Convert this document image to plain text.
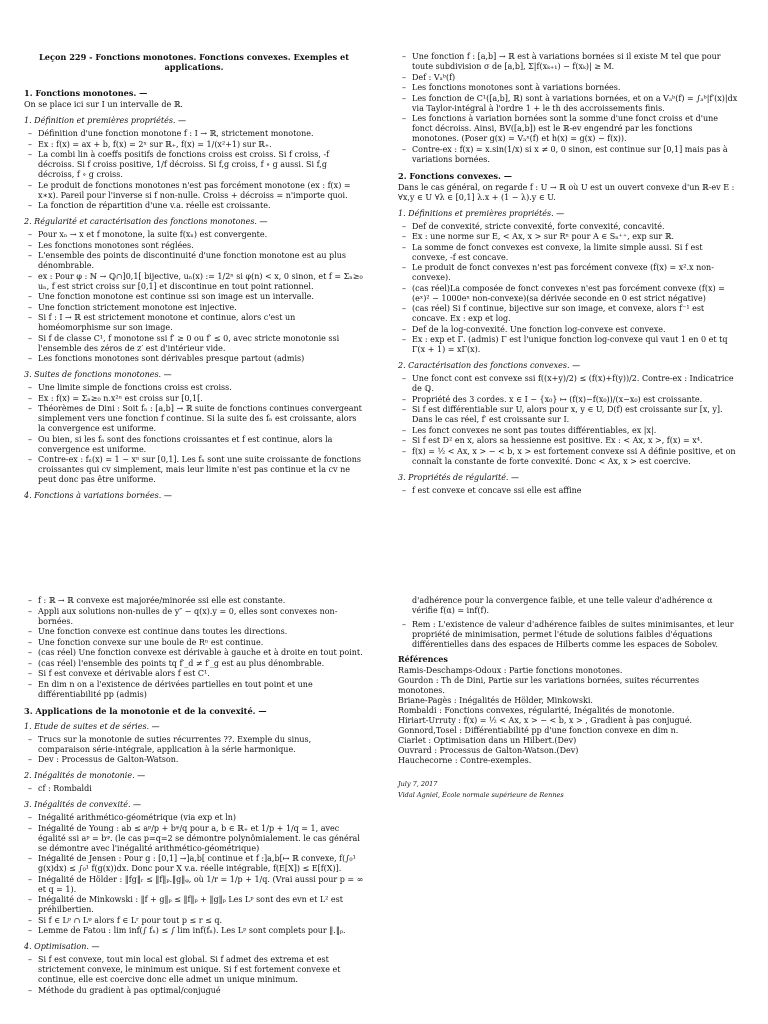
Leçon 229 - Fonctions monotones. Fonctions convexes. Exemples et applications.
1. Fonctions monotones. —

On se place ici sur I un intervalle de ℝ.

1. Définition et premières propriétés. —
– Définition d'une fonction monotone f : I → ℝ, strictement monotone.
– Ex : f(x) = ax + b, f(x) = 2ˣ sur ℝ₊, f(x) = 1/(x²+1) sur ℝ₊.
– La combi lin à coeffs positifs de fonctions croiss est croiss. Si f croiss, -f décroiss. Si f croiss positive, 1/f décroiss. Si f,g croiss, f ∘ g aussi. Si f,g décroiss, f ∘ g croiss.
– Le produit de fonctions monotones n'est pas forcément monotone (ex : f(x) = x∗x). Pareil pour l'inverse si f non-nulle. Croiss + décroiss = n'importe quoi.
– La fonction de répartition d'une v.a. réelle est croissante.
2. Régularité et caractérisation des fonctions monotones. —
– Pour xₙ → x et f monotone, la suite f(xₙ) est convergente.
– Les fonctions monotones sont réglées.
– L'ensemble des points de discontinuité d'une fonction monotone est au plus dénombrable.
– ex : Pour φ : ℕ → ℚ∩]0,1[ bijective, uₙ(x) := 1/2ⁿ si φ(n) < x, 0 sinon, et f = Σₙ≥₀ uₙ, f est strict croiss sur [0,1] et discontinue en tout point rationnel.
– Une fonction monotone est continue ssi son image est un intervalle.
– Une fonction strictement monotone est injective.
– Si f : I → ℝ est strictement monotone et continue, alors c'est un homéomorphisme sur son image.
– Si f de classe C¹, f monotone ssi f′ ≥ 0 ou f′ ≤ 0, avec stricte monotonie ssi l'ensemble des zéros de z′ est d'intérieur vide.
– Les fonctions monotones sont dérivables presque partout (admis)
3. Suites de fonctions monotones. —
– Une limite simple de fonctions croiss est croiss.
– Ex : f(x) = Σₙ≥₀ n.x²ⁿ est croiss sur [0,1[.
– Théorèmes de Dini : Soit fₙ : [a,b] → ℝ suite de fonctions continues convergeant simplement vers une fonction f continue. Si la suite des fₙ est croissante, alors la convergence est uniforme.
– Ou bien, si les fₙ sont des fonctions croissantes et f est continue, alors la convergence est uniforme.
– Contre-ex : fₙ(x) = 1 − xⁿ sur [0,1]. Les fₙ sont une suite croissante de fonctions croissantes qui cv simplement, mais leur limite n'est pas continue et la cv ne peut donc pas être uniforme.
4. Fonctions à variations bornées. —
– Une fonction f : [a,b] → ℝ est à variations bornées si il existe M tel que pour toute subdivision σ de [a,b], Σ|f(xₖ₊₁) − f(xₖ)| ≥ M.
– Def : Vₐᵇ(f)
– Les fonctions monotones sont à variations bornées.
– Les fonction de C¹([a,b], ℝ) sont à variations bornées, et on a Vₐᵇ(f) = ∫ₐᵇ|f′(x)|dx via Taylor-intégral à l'ordre 1 + le th des accroissements finis.
– Les fonctions à variation bornées sont la somme d'une fonct croiss et d'une fonct décroiss. Ainsi, BV([a,b]) est le ℝ-ev engendré par les fonctions monotones. (Poser g(x) = Vₐˣ(f) et h(x) = g(x) − f(x)).
– Contre-ex : f(x) = x.sin(1/x) si x ≠ 0, 0 sinon, est continue sur [0,1] mais pas à variations bornées.
2. Fonctions convexes. —

Dans le cas général, on regarde f : U → ℝ où U est un ouvert convexe d'un ℝ-ev E : ∀x,y ∈ U ∀λ ∈ [0,1] λ.x + (1 − λ).y ∈ U.

1. Définitions et premières propriétés. —
– Def de convexité, stricte convexité, forte convexité, concavité.
– Ex : une norme sur E, < Ax, x > sur Rⁿ pour A ∈ Sₙ⁺⁺, exp sur ℝ.
– La somme de fonct convexes est convexe, la limite simple aussi. Si f est convexe, -f est concave.
– Le produit de fonct convexes n'est pas forcément convexe (f(x) = x².x non-convexe).
– (cas réel)La composée de fonct convexes n'est pas forcément convexe (f(x) = (eˣ)² − 1000eˣ non-convexe)(sa dérivée seconde en 0 est strict négative)
– (cas réel) Si f continue, bijective sur son image, et convexe, alors f⁻¹ est concave. Ex : exp et log.
– Def de la log-convexité. Une fonction log-convexe est convexe.
– Ex : exp et Γ. (admis) Γ est l'unique fonction log-convexe qui vaut 1 en 0 et tq Γ(x + 1) = xΓ(x).
2. Caractérisation des fonctions convexes. —
– Une fonct cont est convexe ssi f((x+y)/2) ≤ (f(x)+f(y))/2. Contre-ex : Indicatrice de ℚ.
– Propriété des 3 cordes. x ∈ I − {x₀} ↦ (f(x)−f(x₀))/(x−x₀) est croissante.
– Si f est différentiable sur U, alors pour x, y ∈ U, D(f) est croissante sur [x, y]. Dans le cas réel, f′ est croissante sur I.
– Les fonct convexes ne sont pas toutes différentiables, ex |x|.
– Si f est D² en x, alors sa hessienne est positive. Ex : < Ax, x >, f(x) = x⁴.
– f(x) = ½ < Ax, x > − < b, x > est fortement convexe ssi A définie positive, et on connaît la constante de forte convexité. Donc < Ax, x > est coercive.
3. Propriétés de régularité. —
– f est convexe et concave ssi elle est affine
– f : ℝ → ℝ convexe est majorée/minorée ssi elle est constante.
– Appli aux solutions non-nulles de y″ − q(x).y = 0, elles sont convexes non-bornées.
– Une fonction convexe est continue dans toutes les directions.
– Une fonction convexe sur une boule de Rⁿ est continue.
– (cas réel) Une fonction convexe est dérivable à gauche et à droite en tout point.
– (cas réel) l'ensemble des points tq f′_d ≠ f′_g est au plus dénombrable.
– Si f est convexe et dérivable alors f est C¹.
– En dim n on a l'existence de dérivées partielles en tout point et une différentiabilité pp (admis)
3. Applications de la monotonie et de la convexité. —
1. Etude de suites et de séries. —
– Trucs sur la monotonie de suties récurrentes ??. Exemple du sinus, comparaison série-intégrale, application à la série harmonique.
– Dev : Processus de Galton-Watson.
2. Inégalités de monotonie. —
– cf : Rombaldi
3. Inégalités de convexité. —
– Inégalité arithmético-géométrique (via exp et ln)
– Inégalité de Young : ab ≤ aᵖ/p + bᵠ/q pour a, b ∈ ℝ₊ et 1/p + 1/q = 1, avec égalité ssi aᵖ = bᵠ. (le cas p=q=2 se démontre polynômialement. le cas général se démontre avec l'inégalité arithmético-géométrique)
– Inégalité de Jensen : Pour g : [0,1] →]a,b[ continue et f :]a,b[↦ ℝ convexe, f(∫₀¹ g(x)dx) ≤ ∫₀¹ f(g(x))dx. Donc pour X v.a. réelle intégrable, f(E[X]) ≤ E[f(X)].
– Inégalité de Hölder : ‖fg‖ᵣ ≤ ‖f‖ₚ.‖g‖ᵩ, où 1/r = 1/p + 1/q. (Vrai aussi pour p = ∞ et q = 1).
– Inégalité de Minkowski : ‖f + g‖ₚ ≤ ‖f‖ₚ + ‖g‖ₚ Les Lᵖ sont des evn et L² est préhilbertien.
– Si f ∈ Lᵖ ∩ Lᵠ alors f ∈ Lʳ pour tout p ≤ r ≤ q.
– Lemme de Fatou : lim inf(∫ fₙ) ≤ ∫ lim inf(fₙ). Les Lᵖ sont complets pour ‖.‖ₚ.
4. Optimisation. —
– Si f est convexe, tout min local est global. Si f admet des extrema et est strictement convexe, le minimum est unique. Si f est fortement convexe et continue, elle est coercive donc elle admet un unique minimum.
– Méthode du gradient à pas optimal/conjugué

d'adhérence pour la convergence faible, et une telle valeur d'adhérence α vérifie f(α) = inf(f).

– Rem : L'existence de valeur d'adhérence faibles de suites minimisantes, et leur propriété de minimisation, permet l'étude de solutions faibles d'équations différentielles dans des espaces de Hilberts comme les espaces de Sobolev.
Références

Ramis-Deschamps-Odoux : Partie fonctions monotones.

Gourdon : Th de Dini, Partie sur les variations bornées, suites récurrentes monotones.

Briane-Pagès : Inégalités de Hölder, Minkowski.

Rombaldi : Fonctions convexes, régularité, Inégalités de monotonie.

Hiriart-Urruty : f(x) = ½ < Ax, x > − < b, x > , Gradient à pas conjugué.

Gonnord,Tosel : Différentiabilité pp d'une fonction convexe en dim n.

Ciarlet : Optimisation dans un Hilbert.(Dev)

Ouvrard : Processus de Galton-Watson.(Dev)

Hauchecorne : Contre-exemples.

July 7, 2017
Vidal Agniel, École normale supérieure de Rennes
